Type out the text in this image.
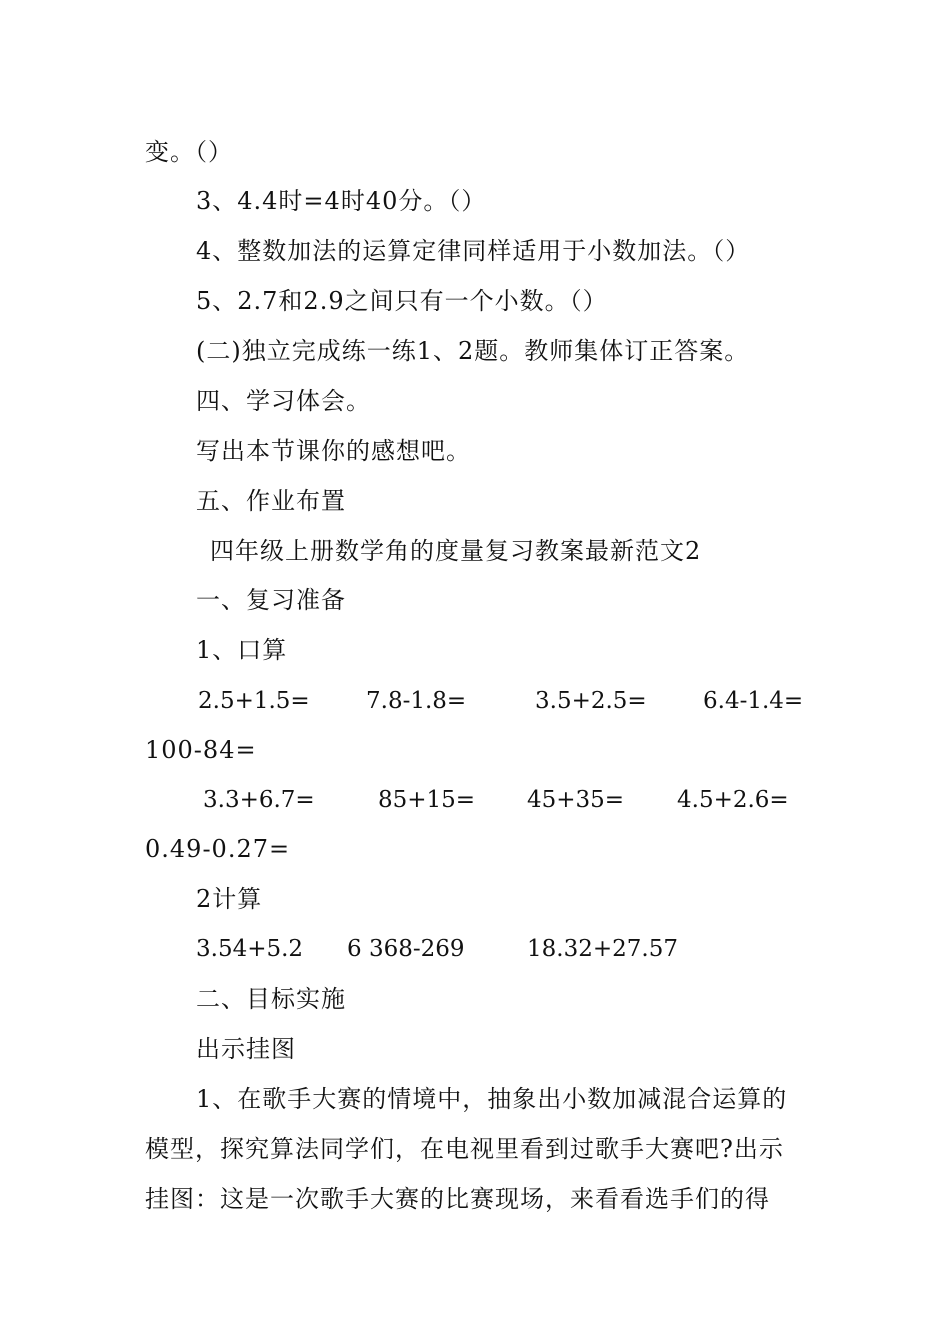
变。（）
3、4.4时=4时40分。（）
4、整数加法的运算定律同样适用于小数加法。（）
5、2.7和2.9之间只有一个小数。（）
(二)独立完成练一练1、2题。教师集体订正答案。
四、学习体会。
写出本节课你的感想吧。
五、作业布置
四年级上册数学角的度量复习教案最新范文2
一、复习准备
1、口算
2.5+1.5= 7.8-1.8=	3.5+2.5= 6.4-1.4=
100-84=
3.3+6.7=	85+15= 45+35= 4.5+2.6=
0.49-0.27=
2计算
3.54+5.2 6 368-269	18.32+27.57
二、目标实施
出示挂图
1、在歌手大赛的情境中，抽象出小数加减混合运算的
模型，探究算法同学们，在电视里看到过歌手大赛吧?出示
挂图：这是一次歌手大赛的比赛现场，来看看选手们的得
